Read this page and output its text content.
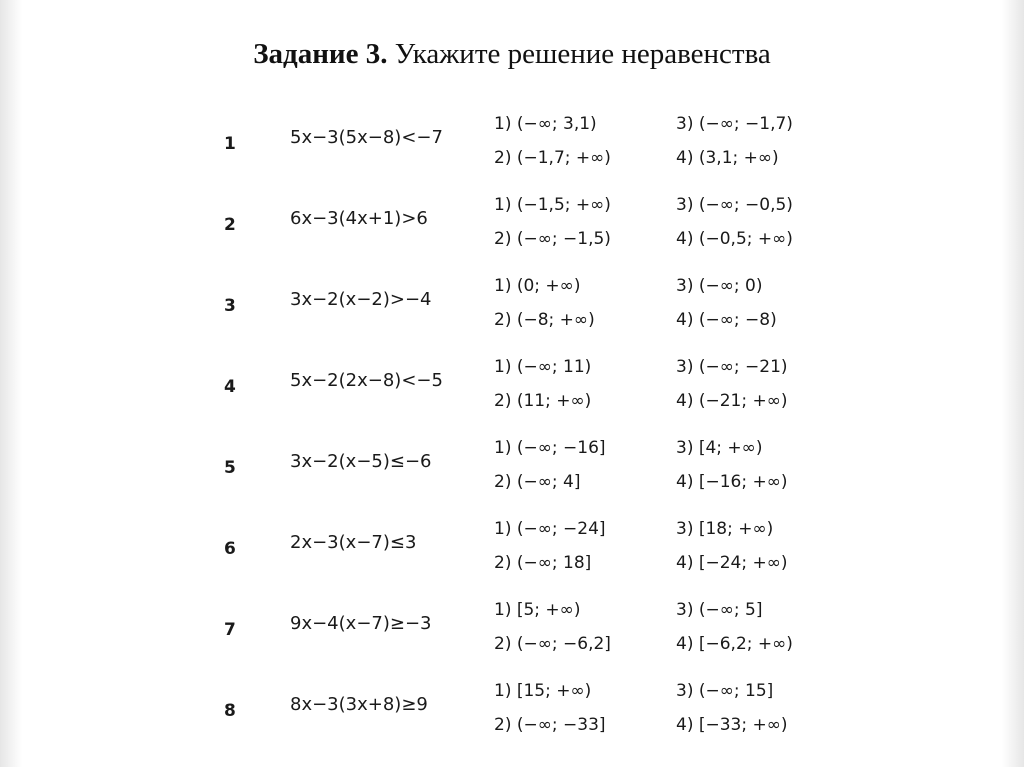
Задание 3. Укажите решение неравенства
1	5x−3(5x−8)<−7
1) (−∞; 3,1)
2) (−1,7; +∞)
3) (−∞; −1,7)
4) (3,1; +∞)
2	6x−3(4x+1)>6
1) (−1,5; +∞)
2) (−∞; −1,5)
3) (−∞; −0,5)
4) (−0,5; +∞)
3	3x−2(x−2)>−4
1) (0; +∞)
2) (−8; +∞)
3) (−∞; 0)
4) (−∞; −8)
4	5x−2(2x−8)<−5
1) (−∞; 11)
2) (11; +∞)
3) (−∞; −21)
4) (−21; +∞)
5	3x−2(x−5)≤−6
1) (−∞; −16]
2) (−∞; 4]
3) [4; +∞)
4) [−16; +∞)
6	2x−3(x−7)≤3
1) (−∞; −24]
2) (−∞; 18]
3) [18; +∞)
4) [−24; +∞)
7	9x−4(x−7)≥−3
1) [5; +∞)
2) (−∞; −6,2]
3) (−∞; 5]
4) [−6,2; +∞)
8	8x−3(3x+8)≥9
1) [15; +∞)
2) (−∞; −33]
3) (−∞; 15]
4) [−33; +∞)
